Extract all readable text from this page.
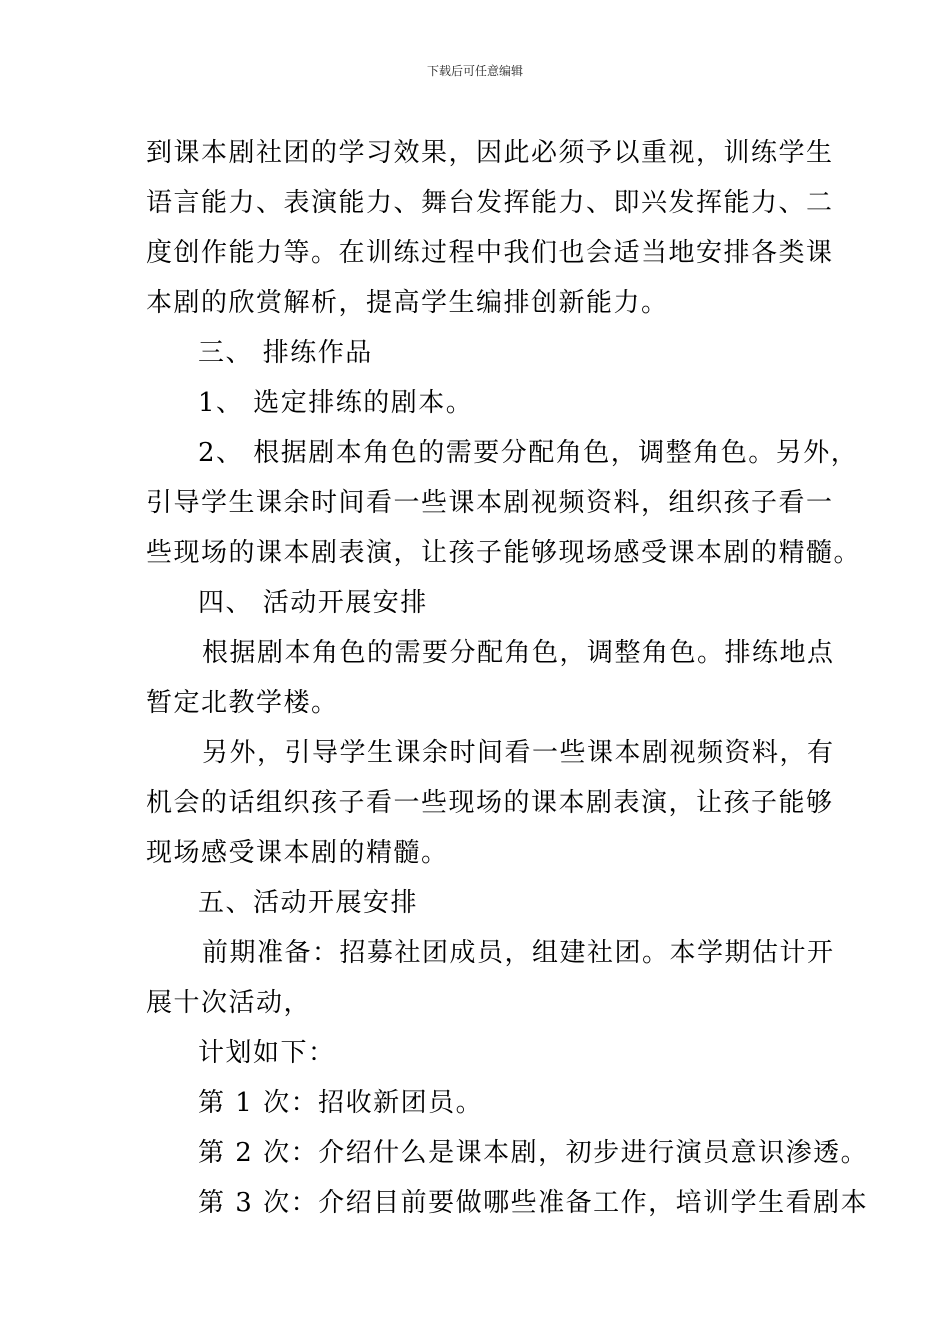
下载后可任意编辑
到课本剧社团的学习效果，因此必须予以重视，训练学生
语言能力、表演能力、舞台发挥能力、即兴发挥能力、二
度创作能力等。在训练过程中我们也会适当地安排各类课
本剧的欣赏解析，提高学生编排创新能力。
三、 排练作品
1、 选定排练的剧本。
2、 根据剧本角色的需要分配角色，调整角色。另外，
引导学生课余时间看一些课本剧视频资料，组织孩子看一
些现场的课本剧表演，让孩子能够现场感受课本剧的精髓。
四、 活动开展安排
根据剧本角色的需要分配角色，调整角色。排练地点
暂定北教学楼。
另外，引导学生课余时间看一些课本剧视频资料，有
机会的话组织孩子看一些现场的课本剧表演，让孩子能够
现场感受课本剧的精髓。
五、活动开展安排
前期准备：招募社团成员，组建社团。本学期估计开
展十次活动，
计划如下：
第 1 次：招收新团员。
第 2 次：介绍什么是课本剧，初步进行演员意识渗透。
第 3 次：介绍目前要做哪些准备工作，培训学生看剧本
